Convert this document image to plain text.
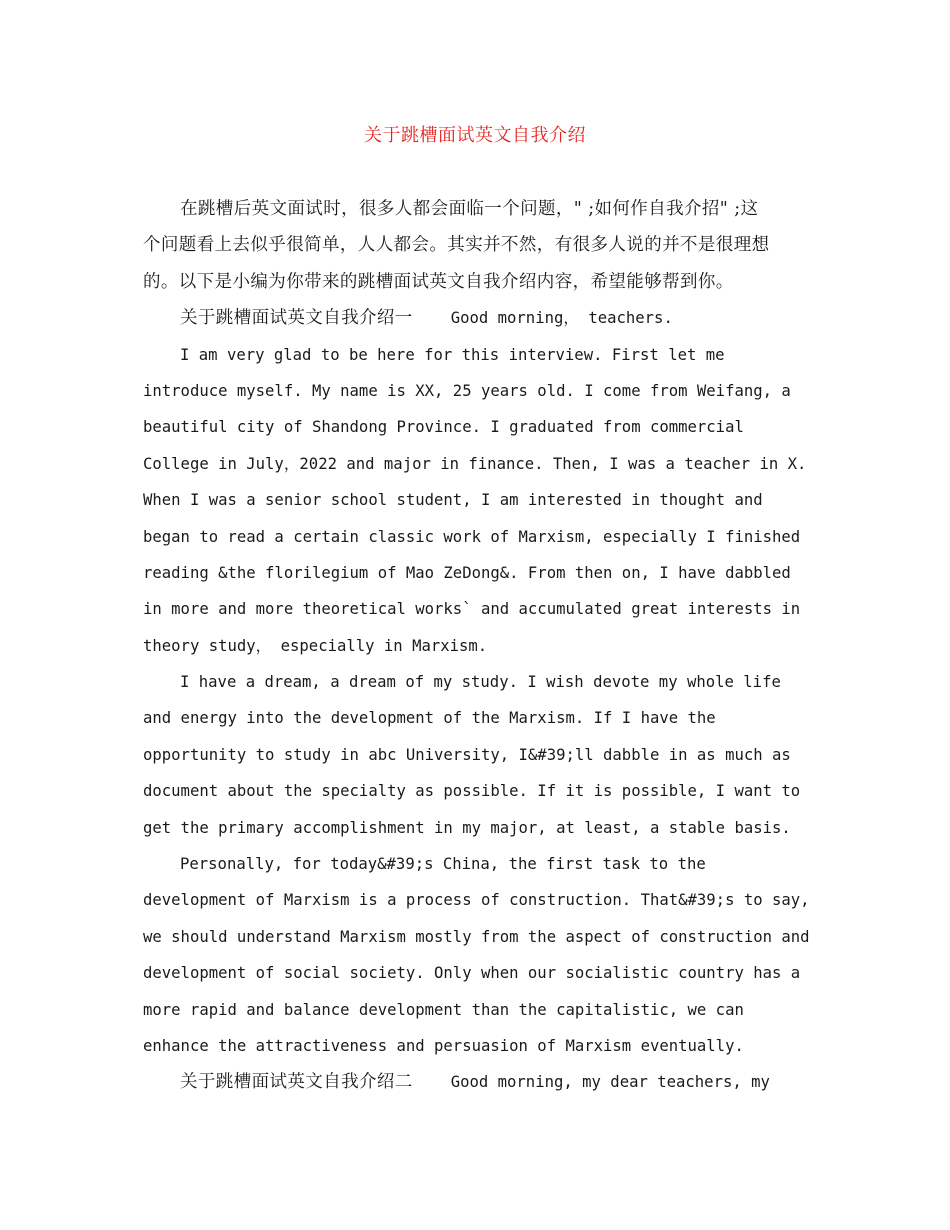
关于跳槽面试英文自我介绍
在跳槽后英文面试时，很多人都会面临一个问题，" ;如何作自我介招" ;这
个问题看上去似乎很简单，人人都会。其实并不然，有很多人说的并不是很理想
的。以下是小编为你带来的跳槽面试英文自我介绍内容，希望能够帮到你。
关于跳槽面试英文自我介绍一 Good morning， teachers.
I am very glad to be here for this interview. First let me
introduce myself. My name is XX, 25 years old. I come from Weifang, a
beautiful city of Shandong Province. I graduated from commercial
College in July，2022 and major in finance. Then, I was a teacher in X.
When I was a senior school student, I am interested in thought and
began to read a certain classic work of Marxism, especially I finished
reading &the florilegium of Mao ZeDong&. From then on, I have dabbled
in more and more theoretical works` and accumulated great interests in
theory study， especially in Marxism.
I have a dream, a dream of my study. I wish devote my whole life
and energy into the development of the Marxism. If I have the
opportunity to study in abc University, I&#39;ll dabble in as much as
document about the specialty as possible. If it is possible, I want to
get the primary accomplishment in my major, at least, a stable basis.
Personally, for today&#39;s China, the first task to the
development of Marxism is a process of construction. That&#39;s to say,
we should understand Marxism mostly from the aspect of construction and
development of social society. Only when our socialistic country has a
more rapid and balance development than the capitalistic, we can
enhance the attractiveness and persuasion of Marxism eventually.
关于跳槽面试英文自我介绍二 Good morning, my dear teachers, my
